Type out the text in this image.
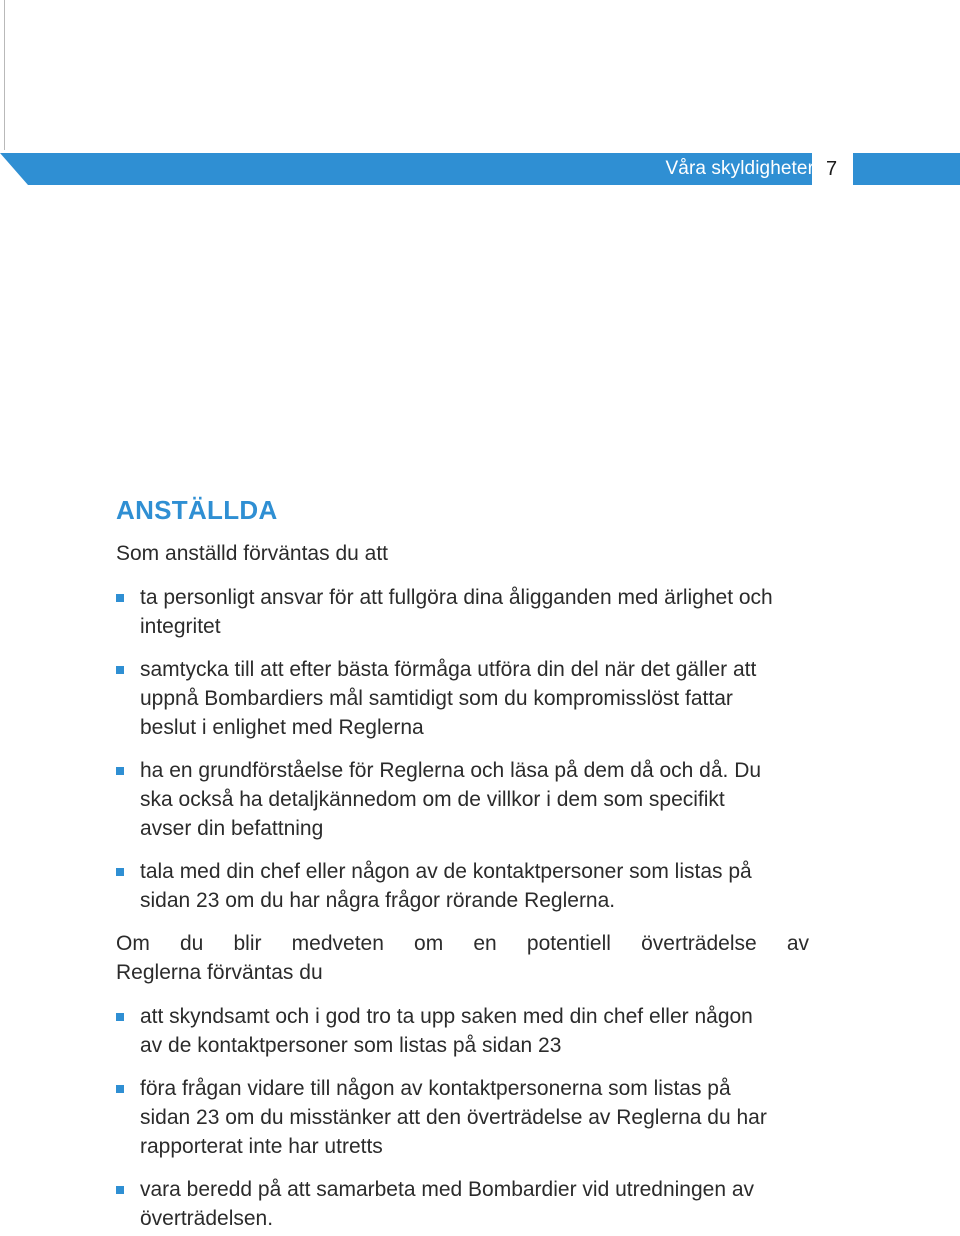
Våra skyldigheter 7
ANSTÄLLDA

Som anställd förväntas du att

ta personligt ansvar för att fullgöra dina åligganden med ärlighet och integritet
samtycka till att efter bästa förmåga utföra din del när det gäller att uppnå Bombardiers mål samtidigt som du kompromisslöst fattar beslut i enlighet med Reglerna
ha en grundförståelse för Reglerna och läsa på dem då och då. Du ska också ha detaljkännedom om de villkor i dem som specifikt avser din befattning
tala med din chef eller någon av de kontaktpersoner som listas på sidan 23 om du har några frågor rörande Reglerna.

Om du blir medveten om en potentiell överträdelse av
Reglerna förväntas du

att skyndsamt och i god tro ta upp saken med din chef eller någon av de kontaktpersoner som listas på sidan 23
föra frågan vidare till någon av kontaktpersonerna som listas på sidan 23 om du misstänker att den överträdelse av Reglerna du har rapporterat inte har utretts
vara beredd på att samarbeta med Bombardier vid utredningen av överträdelsen.
